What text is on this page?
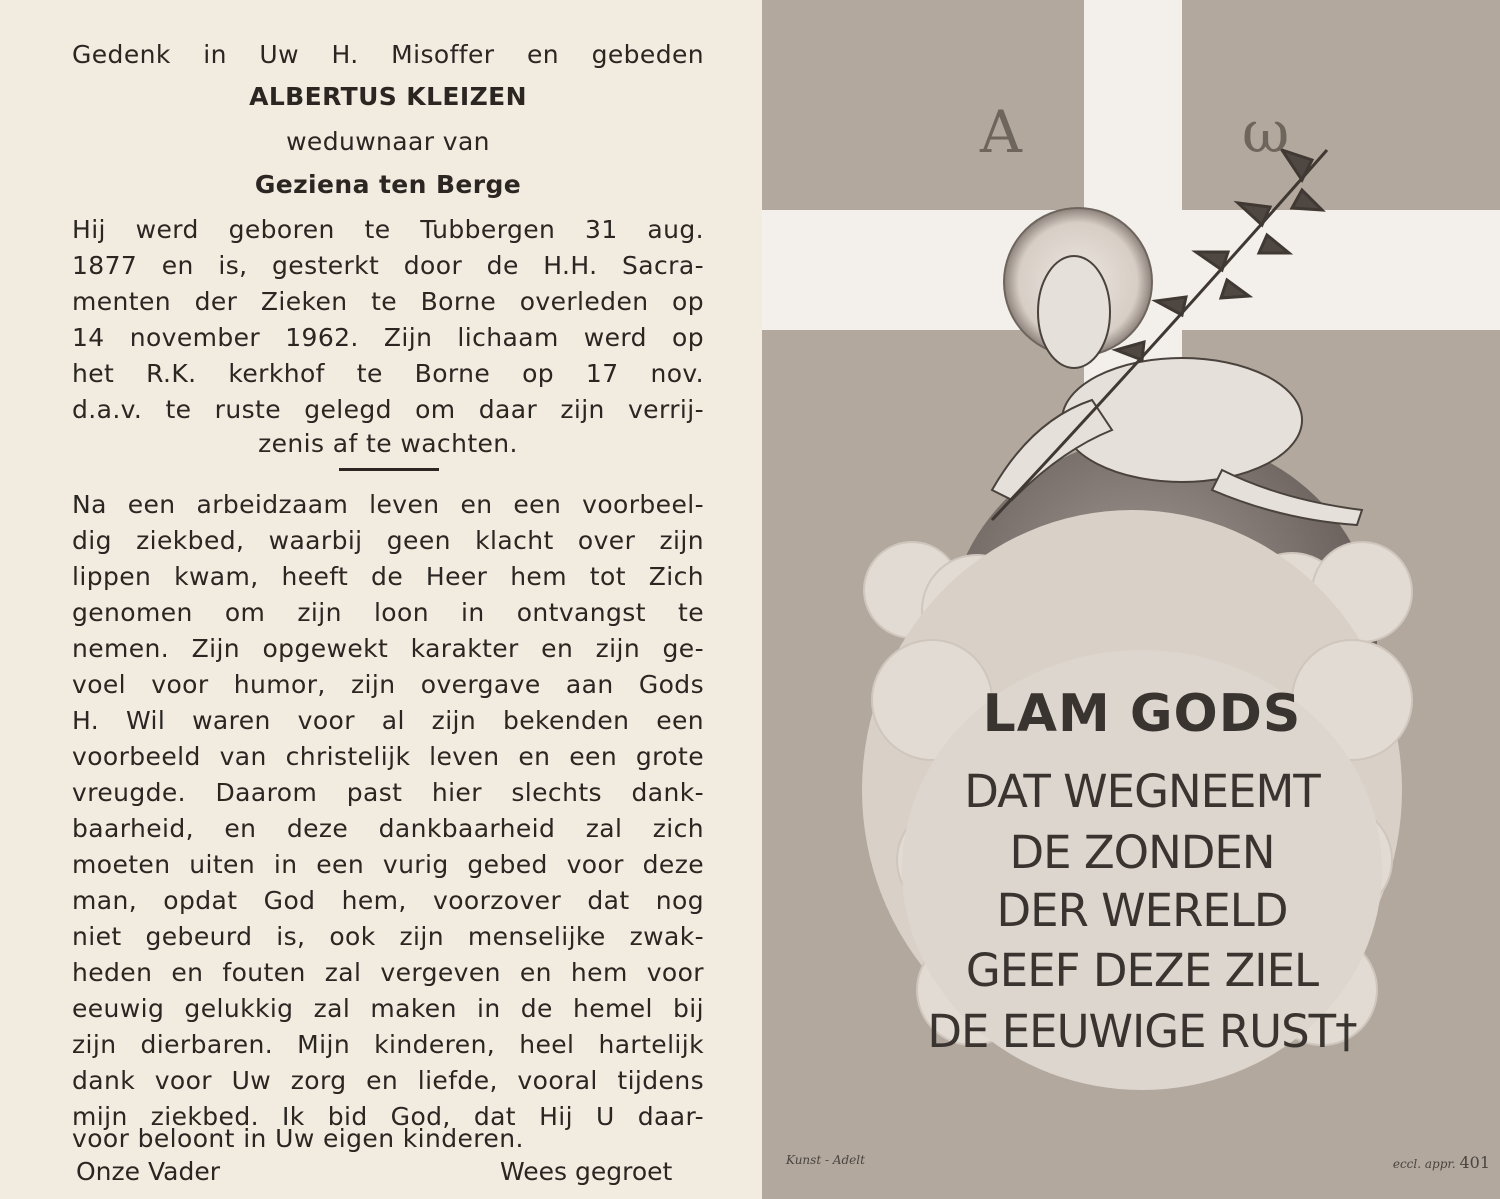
Gedenk in Uw H. Misoffer en gebeden
ALBERTUS KLEIZEN
weduwnaar van
Geziena ten Berge
Hij werd geboren te Tubbergen 31 aug.
1877 en is, gesterkt door de H.H. Sacra-
menten der Zieken te Borne overleden op
14 november 1962. Zijn lichaam werd op
het R.K. kerkhof te Borne op 17 nov.
d.a.v. te ruste gelegd om daar zijn verrij-
zenis af te wachten.
Na een arbeidzaam leven en een voorbeel-
dig ziekbed, waarbij geen klacht over zijn
lippen kwam, heeft de Heer hem tot Zich
genomen om zijn loon in ontvangst te
nemen. Zijn opgewekt karakter en zijn ge-
voel voor humor, zijn overgave aan Gods
H. Wil waren voor al zijn bekenden een
voorbeeld van christelijk leven en een grote
vreugde. Daarom past hier slechts dank-
baarheid, en deze dankbaarheid zal zich
moeten uiten in een vurig gebed voor deze
man, opdat God hem, voorzover dat nog
niet gebeurd is, ook zijn menselijke zwak-
heden en fouten zal vergeven en hem voor
eeuwig gelukkig zal maken in de hemel bij
zijn dierbaren. Mijn kinderen, heel hartelijk
dank voor Uw zorg en liefde, vooral tijdens
mijn ziekbed. Ik bid God, dat Hij U daar-
voor beloont in Uw eigen kinderen.
Onze Vader	Wees gegroet
A	ω
LAM GODS
DAT WEGNEEMT
DE ZONDEN
DER WERELD
GEEF DEZE ZIEL
DE EEUWIGE RUST†
Kunst - Adelt	eccl. appr. 401
